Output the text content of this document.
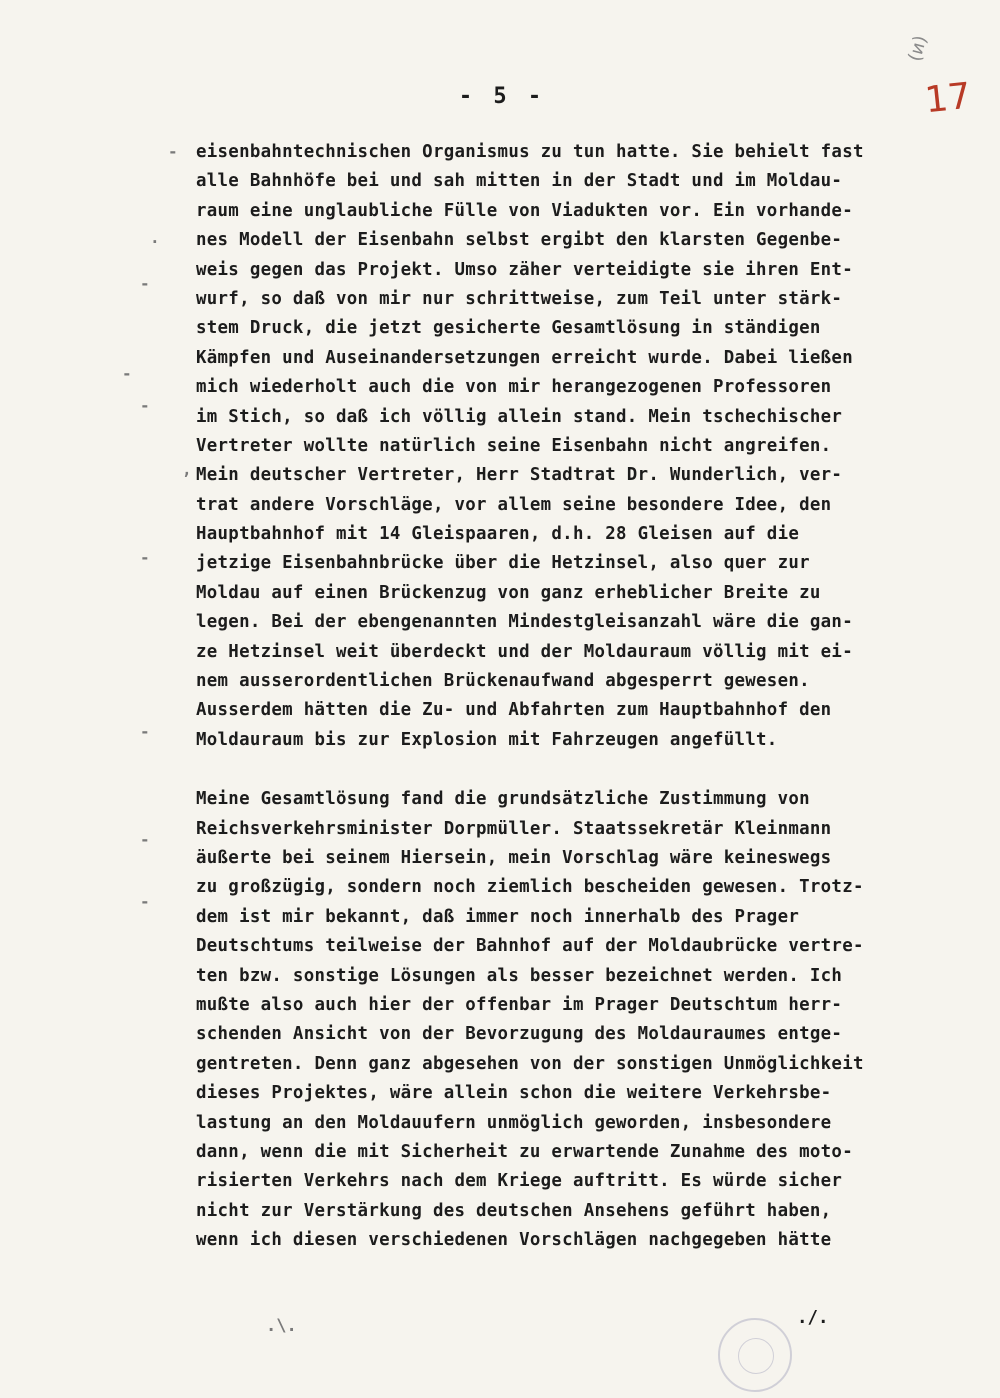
(ᴎ)
17
- 5 -
-
·
-
-
-
,
-
-
-
-
eisenbahntechnischen Organismus zu tun hatte. Sie behielt fast
alle Bahnhöfe bei und sah mitten in der Stadt und im Moldau-
raum eine unglaubliche Fülle von Viadukten vor. Ein vorhande-
nes Modell der Eisenbahn selbst ergibt den klarsten Gegenbe-
weis gegen das Projekt. Umso zäher verteidigte sie ihren Ent-
wurf, so daß von mir nur schrittweise, zum Teil unter stärk-
stem Druck, die jetzt gesicherte Gesamtlösung in ständigen
Kämpfen und Auseinandersetzungen erreicht wurde. Dabei ließen
mich wiederholt auch die von mir herangezogenen Professoren
im Stich, so daß ich völlig allein stand. Mein tschechischer
Vertreter wollte natürlich seine Eisenbahn nicht angreifen.
Mein deutscher Vertreter, Herr Stadtrat Dr. Wunderlich, ver-
trat andere Vorschläge, vor allem seine besondere Idee, den
Hauptbahnhof mit 14 Gleispaaren, d.h. 28 Gleisen auf die
jetzige Eisenbahnbrücke über die Hetzinsel, also quer zur
Moldau auf einen Brückenzug von ganz erheblicher Breite zu
legen. Bei der ebengenannten Mindestgleisanzahl wäre die gan-
ze Hetzinsel weit überdeckt und der Moldauraum völlig mit ei-
nem ausserordentlichen Brückenaufwand abgesperrt gewesen.
Ausserdem hätten die Zu- und Abfahrten zum Hauptbahnhof den
Moldauraum bis zur Explosion mit Fahrzeugen angefüllt.
Meine Gesamtlösung fand die grundsätzliche Zustimmung von
Reichsverkehrsminister Dorpmüller. Staatssekretär Kleinmann
äußerte bei seinem Hiersein, mein Vorschlag wäre keineswegs
zu großzügig, sondern noch ziemlich bescheiden gewesen. Trotz-
dem ist mir bekannt, daß immer noch innerhalb des Prager
Deutschtums teilweise der Bahnhof auf der Moldaubrücke vertre-
ten bzw. sonstige Lösungen als besser bezeichnet werden. Ich
mußte also auch hier der offenbar im Prager Deutschtum herr-
schenden Ansicht von der Bevorzugung des Moldauraumes entge-
gentreten. Denn ganz abgesehen von der sonstigen Unmöglichkeit
dieses Projektes, wäre allein schon die weitere Verkehrsbe-
lastung an den Moldauufern unmöglich geworden, insbesondere
dann, wenn die mit Sicherheit zu erwartende Zunahme des moto-
risierten Verkehrs nach dem Kriege auftritt. Es würde sicher
nicht zur Verstärkung des deutschen Ansehens geführt haben,
wenn ich diesen verschiedenen Vorschlägen nachgegeben hätte
.\.	./.
